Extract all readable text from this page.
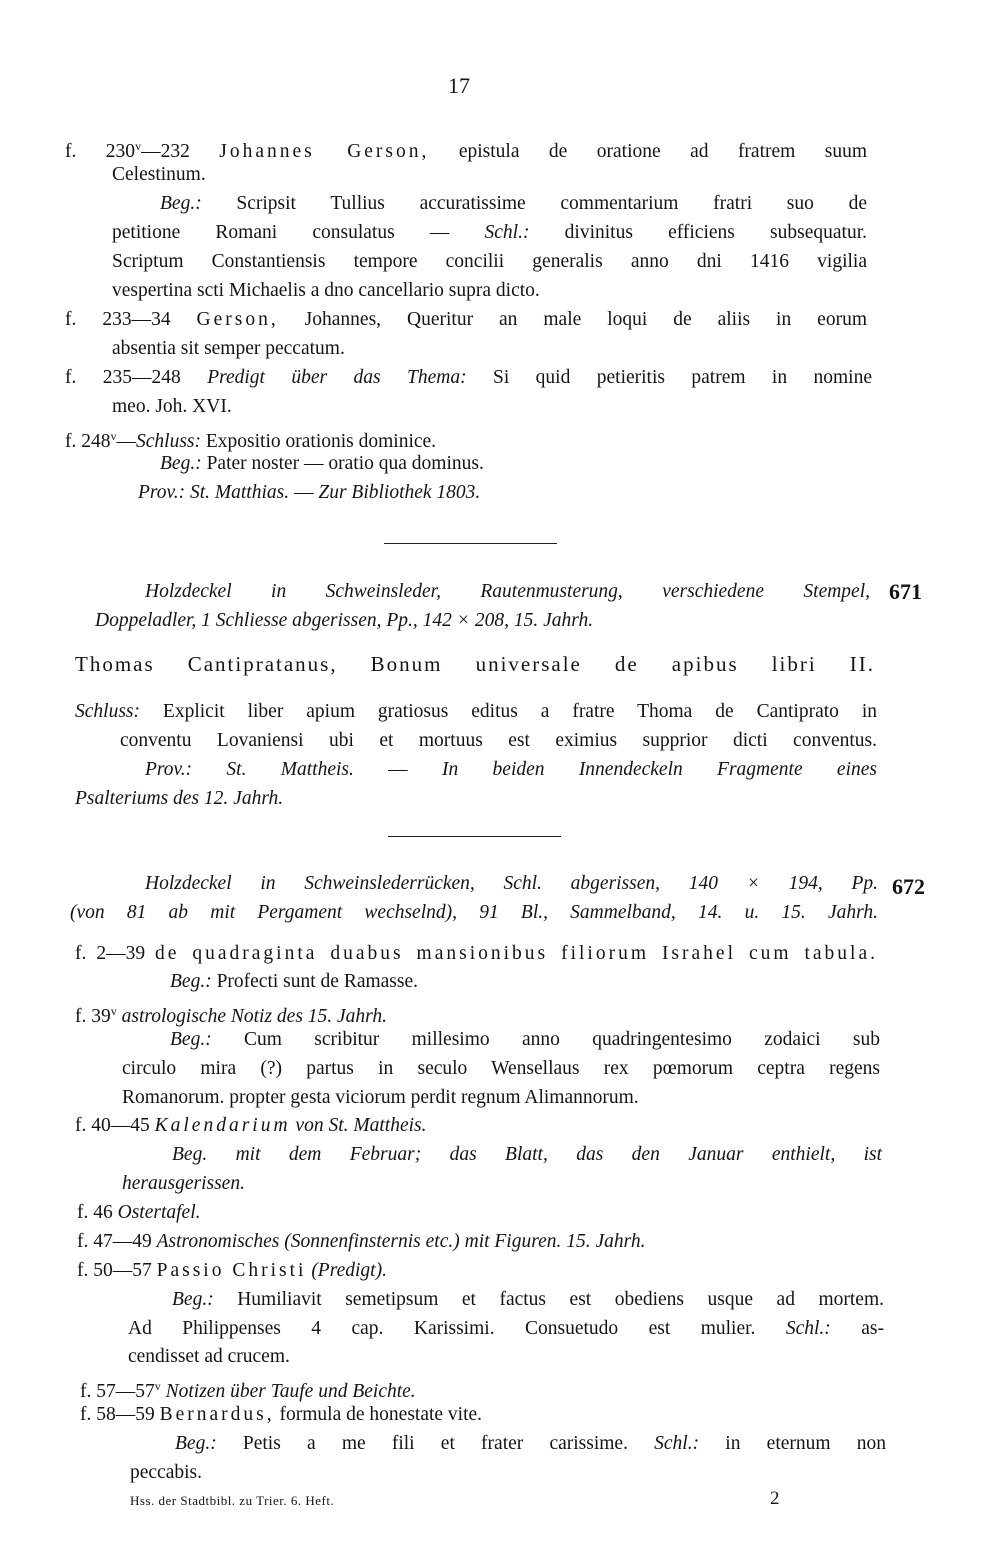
17
f. 230$^v$—232 Johannes Gerson, epistula de oratione ad fratrem suum
Celestinum.
Beg.: Scripsit Tullius accuratissime commentarium fratri suo de
petitione Romani consulatus — Schl.: divinitus efficiens subsequatur.
Scriptum Constantiensis tempore concilii generalis anno dni 1416 vigilia
vespertina scti Michaelis a dno cancellario supra dicto.
f. 233—34 Gerson, Johannes, Queritur an male loqui de aliis in eorum
absentia sit semper peccatum.
f. 235—248 Predigt über das Thema: Si quid petieritis patrem in nomine
meo. Joh. XVI.
f. 248$^v$—Schluss: Expositio orationis dominice.
Beg.: Pater noster — oratio qua dominus.
Prov.: St. Matthias. — Zur Bibliothek 1803.
Holzdeckel in Schweinsleder, Rautenmusterung, verschiedene Stempel, 671
Doppeladler, 1 Schliesse abgerissen, Pp., 142 × 208, 15. Jahrh.
Thomas Cantipratanus, Bonum universale de apibus libri II.
Schluss: Explicit liber apium gratiosus editus a fratre Thoma de Cantiprato in
conventu Lovaniensi ubi et mortuus est eximius supprior dicti conventus.
Prov.: St. Mattheis. — In beiden Innendeckeln Fragmente eines
Psalteriums des 12. Jahrh.
Holzdeckel in Schweinslederrücken, Schl. abgerissen, 140 × 194, Pp. 672
(von 81 ab mit Pergament wechselnd), 91 Bl., Sammelband, 14. u. 15. Jahrh.
f. 2—39 de quadraginta duabus mansionibus filiorum Israhel cum tabula.
Beg.: Profecti sunt de Ramasse.
f. 39$^v$ astrologische Notiz des 15. Jahrh.
Beg.: Cum scribitur millesimo anno quadringentesimo zodaici sub
circulo mira (?) partus in seculo Wensellaus rex pœmorum ceptra regens
Romanorum. propter gesta viciorum perdit regnum Alimannorum.
f. 40—45 Kalendarium von St. Mattheis.
Beg. mit dem Februar; das Blatt, das den Januar enthielt, ist
herausgerissen.
f. 46 Ostertafel.
f. 47—49 Astronomisches (Sonnenfinsternis etc.) mit Figuren. 15. Jahrh.
f. 50—57 Passio Christi (Predigt).
Beg.: Humiliavit semetipsum et factus est obediens usque ad mortem.
Ad Philippenses 4 cap. Karissimi. Consuetudo est mulier. Schl.: as-
cendisset ad crucem.
f. 57—57$^v$ Notizen über Taufe und Beichte.
f. 58—59 Bernardus, formula de honestate vite.
Beg.: Petis a me fili et frater carissime. Schl.: in eternum non
peccabis.
Hss. der Stadtbibl. zu Trier. 6. Heft.	2
